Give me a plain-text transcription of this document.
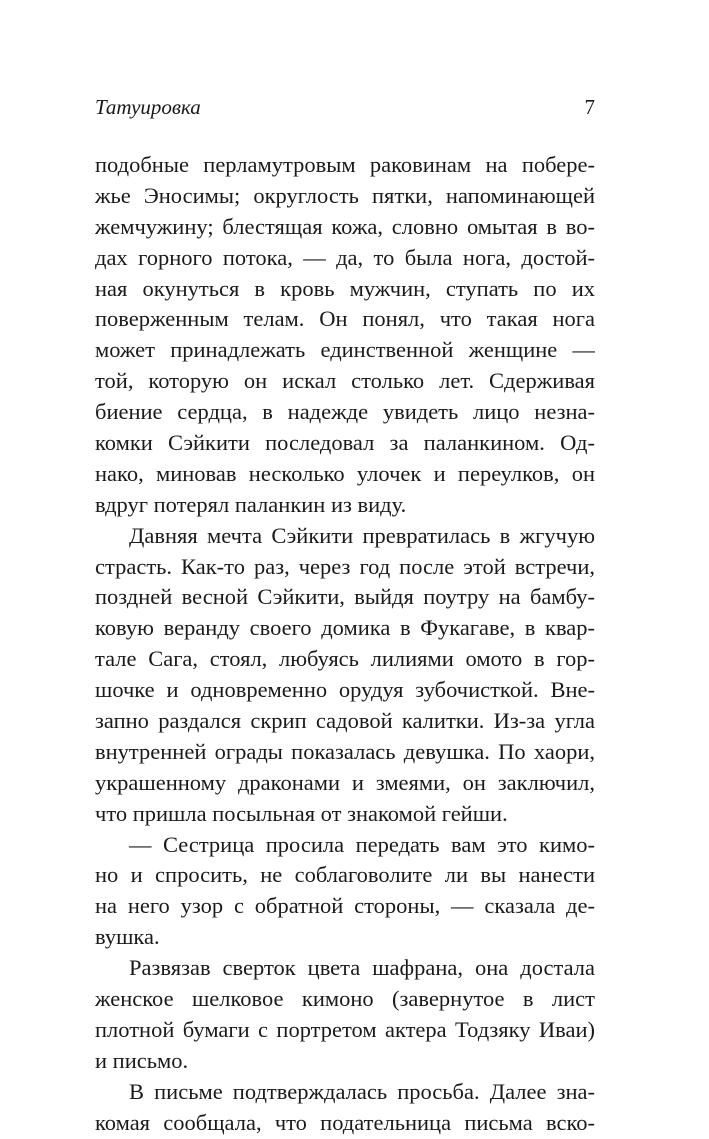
Татуировка	7

подобные перламутровым раковинам на побере-
жье Эносимы; округлость пятки, напоминающей
жемчужину; блестящая кожа, словно омытая в во-
дах горного потока, — да, то была нога, достой-
ная окунуться в кровь мужчин, ступать по их
поверженным телам. Он понял, что такая нога
может принадлежать единственной женщине —
той, которую он искал столько лет. Сдерживая
биение сердца, в надежде увидеть лицо незна-
комки Сэйкити последовал за паланкином. Од-
нако, миновав несколько улочек и переулков, он
вдруг потерял паланкин из виду.

Давняя мечта Сэйкити превратилась в жгучую
страсть. Как-то раз, через год после этой встречи,
поздней весной Сэйкити, выйдя поутру на бамбу-
ковую веранду своего домика в Фукагаве, в квар-
тале Сага, стоял, любуясь лилиями омото в гор-
шочке и одновременно орудуя зубочисткой. Вне-
запно раздался скрип садовой калитки. Из-за угла
внутренней ограды показалась девушка. По хаори,
украшенному драконами и змеями, он заключил,
что пришла посыльная от знакомой гейши.

— Сестрица просила передать вам это кимо-
но и спросить, не соблаговолите ли вы нанести
на него узор с обратной стороны, — сказала де-
вушка.

Развязав сверток цвета шафрана, она достала
женское шелковое кимоно (завернутое в лист
плотной бумаги с портретом актера Тодзяку Иваи)
и письмо.

В письме подтверждалась просьба. Далее зна-
комая сообщала, что подательница письма вско-
